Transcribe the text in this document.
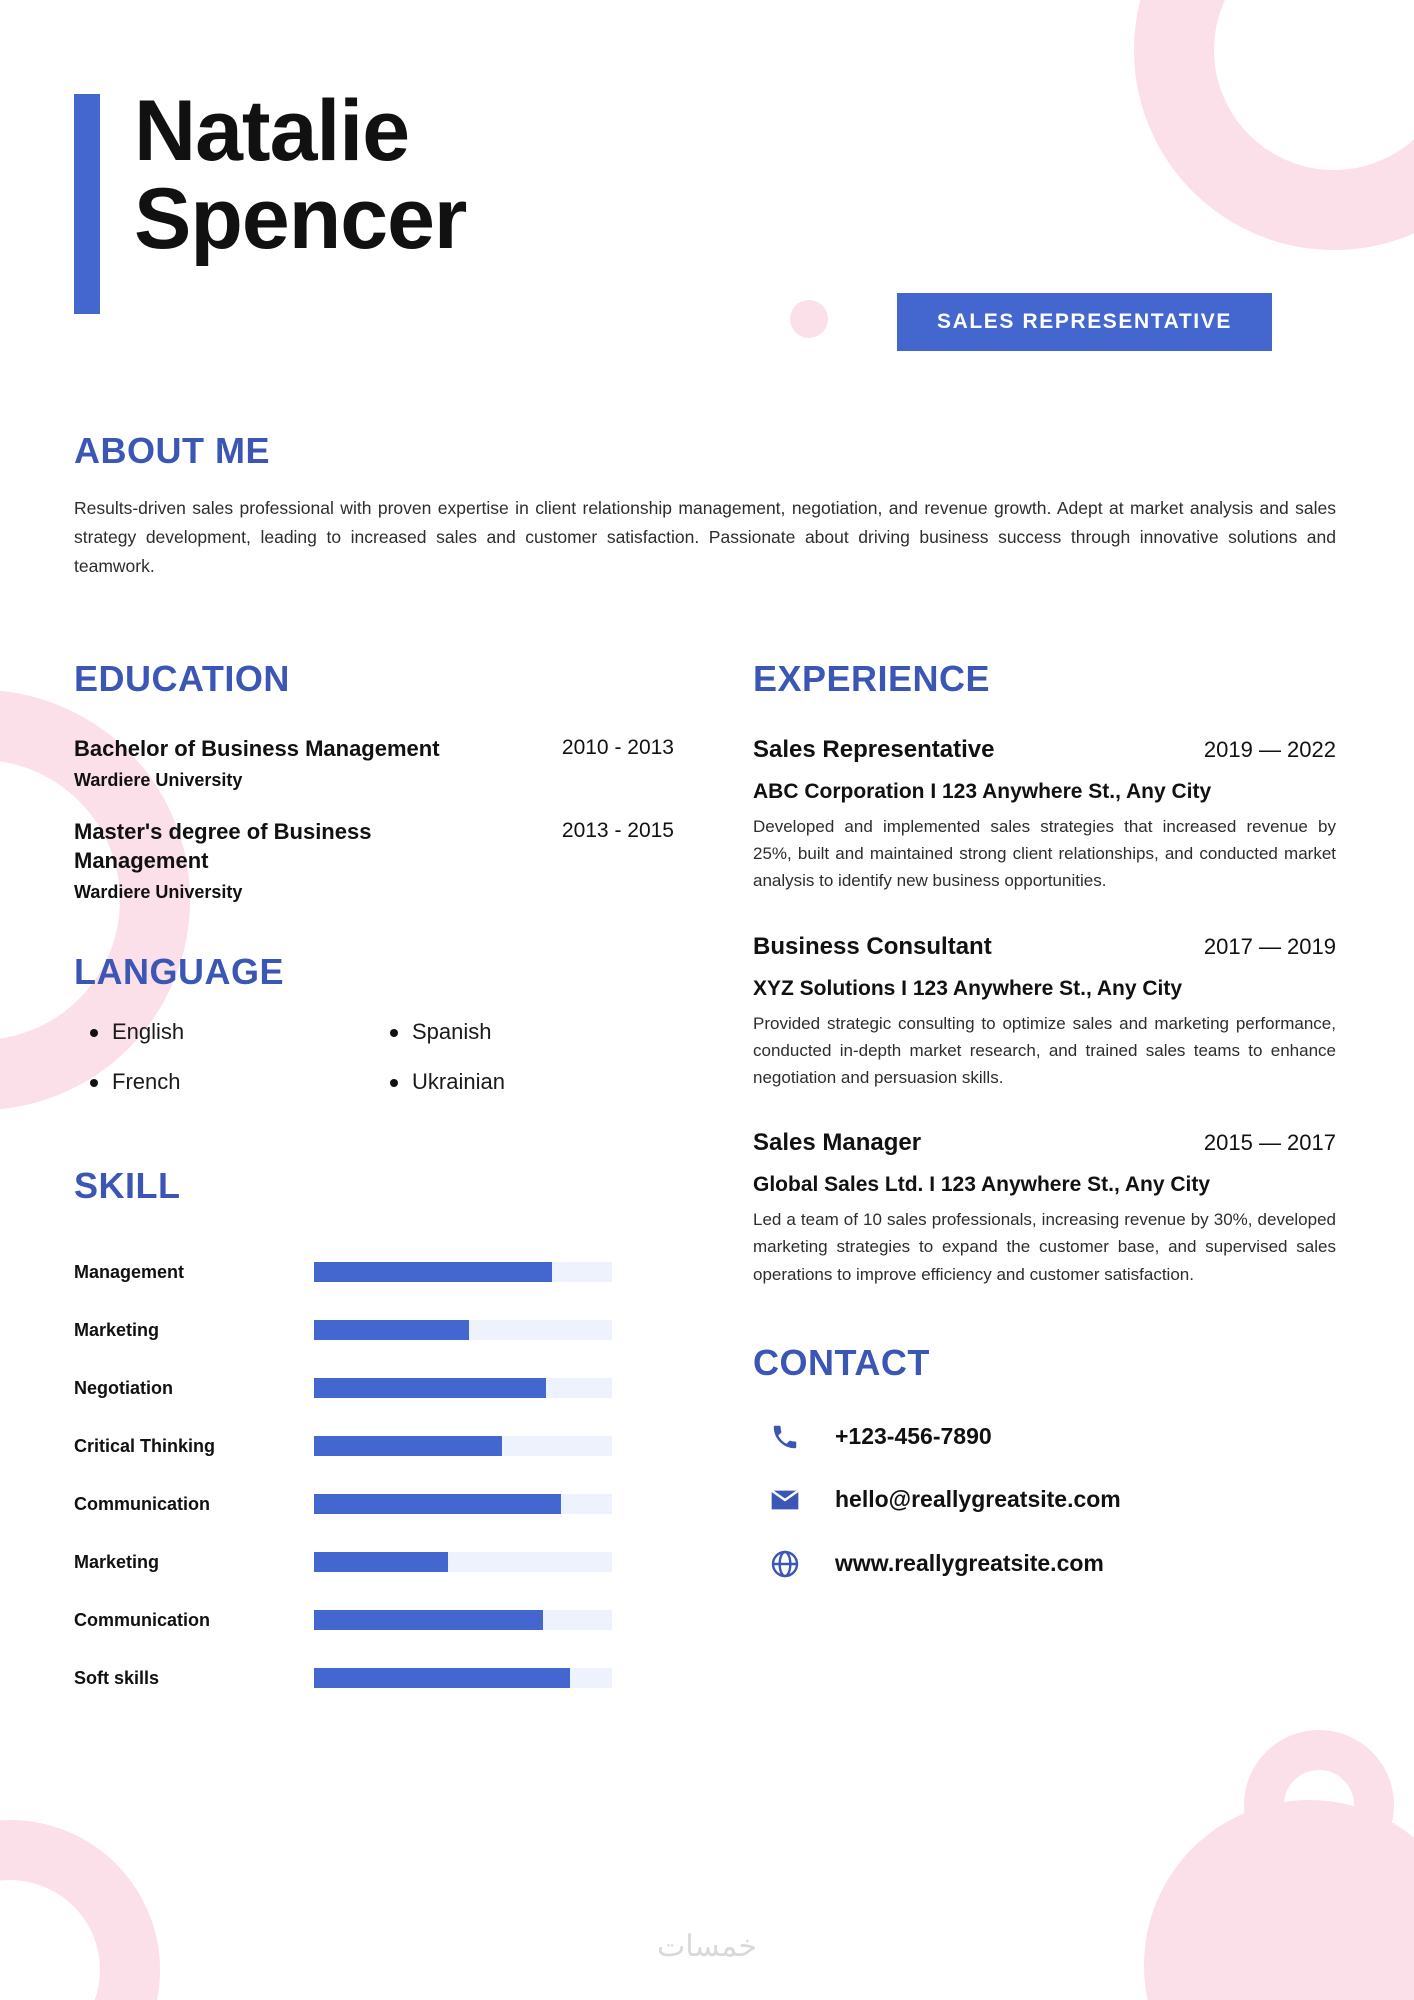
Natalie
Spencer
SALES REPRESENTATIVE
ABOUT ME

Results-driven sales professional with proven expertise in client relationship management, negotiation, and revenue growth. Adept at market analysis and sales strategy development, leading to increased sales and customer satisfaction. Passionate about driving business success through innovative solutions and teamwork.

EDUCATION
Bachelor of Business Management
Wardiere University
2010 - 2013
Master's degree of Business Management
Wardiere University
2013 - 2015
LANGUAGE
English	Spanish
French	Ukrainian
SKILL
Management
Marketing
Negotiation
Critical Thinking
Communication
Marketing
Communication
Soft skills
EXPERIENCE
Sales Representative	2019 — 2022
ABC Corporation I 123 Anywhere St., Any City
Developed and implemented sales strategies that increased revenue by 25%, built and maintained strong client relationships, and conducted market analysis to identify new business opportunities.
Business Consultant	2017 — 2019
XYZ Solutions I 123 Anywhere St., Any City
Provided strategic consulting to optimize sales and marketing performance, conducted in-depth market research, and trained sales teams to enhance negotiation and persuasion skills.
Sales Manager	2015 — 2017
Global Sales Ltd. I 123 Anywhere St., Any City
Led a team of 10 sales professionals, increasing revenue by 30%, developed marketing strategies to expand the customer base, and supervised sales operations to improve efficiency and customer satisfaction.
CONTACT
+123-456-7890
hello@reallygreatsite.com
www.reallygreatsite.com
خمسات
